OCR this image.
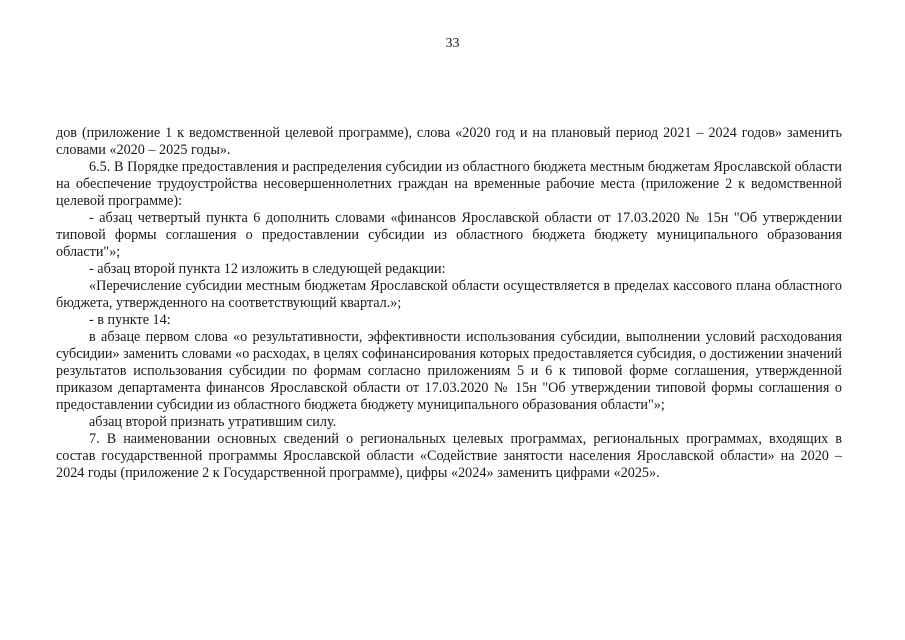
33

дов (приложение 1 к ведомственной целевой программе), слова «2020 год и на плановый период 2021 – 2024 годов» заменить словами «2020 – 2025 годы».

6.5. В Порядке предоставления и распределения субсидии из областного бюджета местным бюджетам Ярославской области на обеспечение трудоустройства несовершеннолетних граждан на временные рабочие места (приложение 2 к ведомственной целевой программе):

- абзац четвертый пункта 6 дополнить словами «финансов Ярославской области от 17.03.2020 № 15н "Об утверждении типовой формы соглашения о предоставлении субсидии из областного бюджета бюджету муниципального образования области"»;

- абзац второй пункта 12 изложить в следующей редакции:

«Перечисление субсидии местным бюджетам Ярославской области осуществляется в пределах кассового плана областного бюджета, утвержденного на соответствующий квартал.»;

- в пункте 14:

в абзаце первом слова «о результативности, эффективности использования субсидии, выполнении условий расходования субсидии» заменить словами «о расходах, в целях софинансирования которых предоставляется субсидия, о достижении значений результатов использования субсидии по формам согласно приложениям 5 и 6 к типовой форме соглашения, утвержденной приказом департамента финансов Ярославской области от 17.03.2020 № 15н "Об утверждении типовой формы соглашения о предоставлении субсидии из областного бюджета бюджету муниципального образования области"»;

абзац второй признать утратившим силу.

7. В наименовании основных сведений о региональных целевых программах, региональных программах, входящих в состав государственной программы Ярославской области «Содействие занятости населения Ярославской области» на 2020 – 2024 годы (приложение 2 к Государственной программе), цифры «2024» заменить цифрами «2025».
